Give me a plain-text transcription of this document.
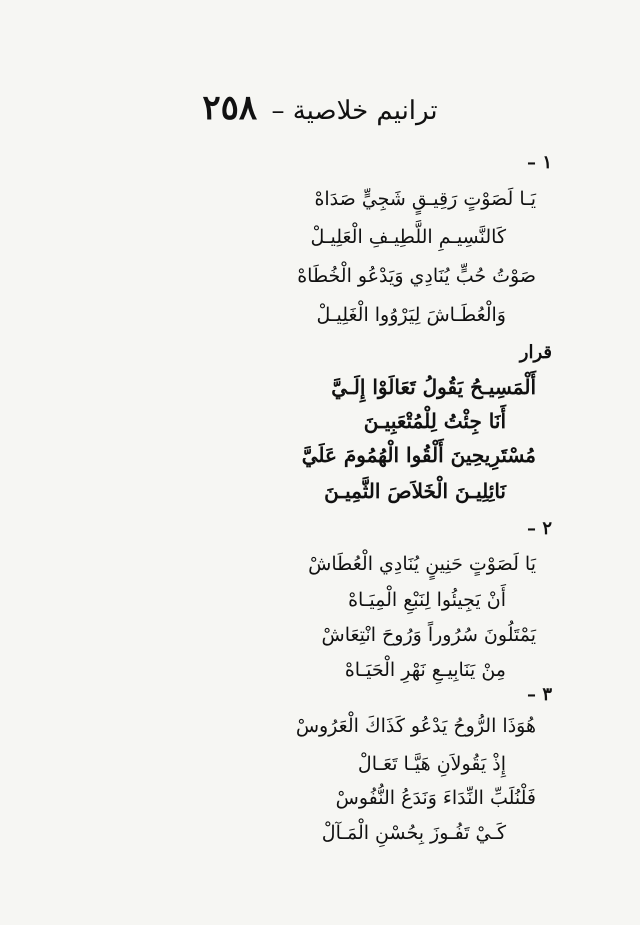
ترانيم خلاصية – ٢٥٨
١ –
يَـا لَصَوْتٍ رَقِيـقٍ شَجِيٍّ صَدَاهْ
كَالنَّسِيـمِ اللَّطِيـفِ الْعَلِيـلْ
صَوْتُ حُبٍّ يُنَادِي وَيَدْعُو الْخُطَاهْ
وَالْعُطَـاشَ لِيَرْوُوا الْغَلِيـلْ
قرار
أَلْمَسِيـحُ يَقُولُ تَعَالَوْا إِلَـيَّ
أَنَا جِئْتُ لِلْمُتْعَبِيـنَ
مُسْتَرِيحِينَ أَلْقُوا الْهُمُومَ عَلَيَّ
نَائِلِيـنَ الْخَلاَصَ الثَّمِيـنَ
٢ –
يَا لَصَوْتٍ حَنِينٍ يُنَادِي الْعُطَاشْ
أَنْ يَجِيئُوا لِنَبْعِ الْمِيَـاهْ
يَمْتَلُونَ سُرُوراً وَرُوحَ انْتِعَاشْ
مِنْ يَنَابِيـعِ نَهْرِ الْحَيَـاهْ
٣ –
هُوَذَا الرُّوحُ يَدْعُو كَذَاكَ الْعَرُوسْ
إِذْ يَقُولاَنِ هَيَّـا تَعَـالْ
فَلْنُلَبِّ النِّدَاءَ وَنَدَعُ النُّفُوسْ
كَـيْ تَفُـوزَ بِحُسْنِ الْمَـآلْ
